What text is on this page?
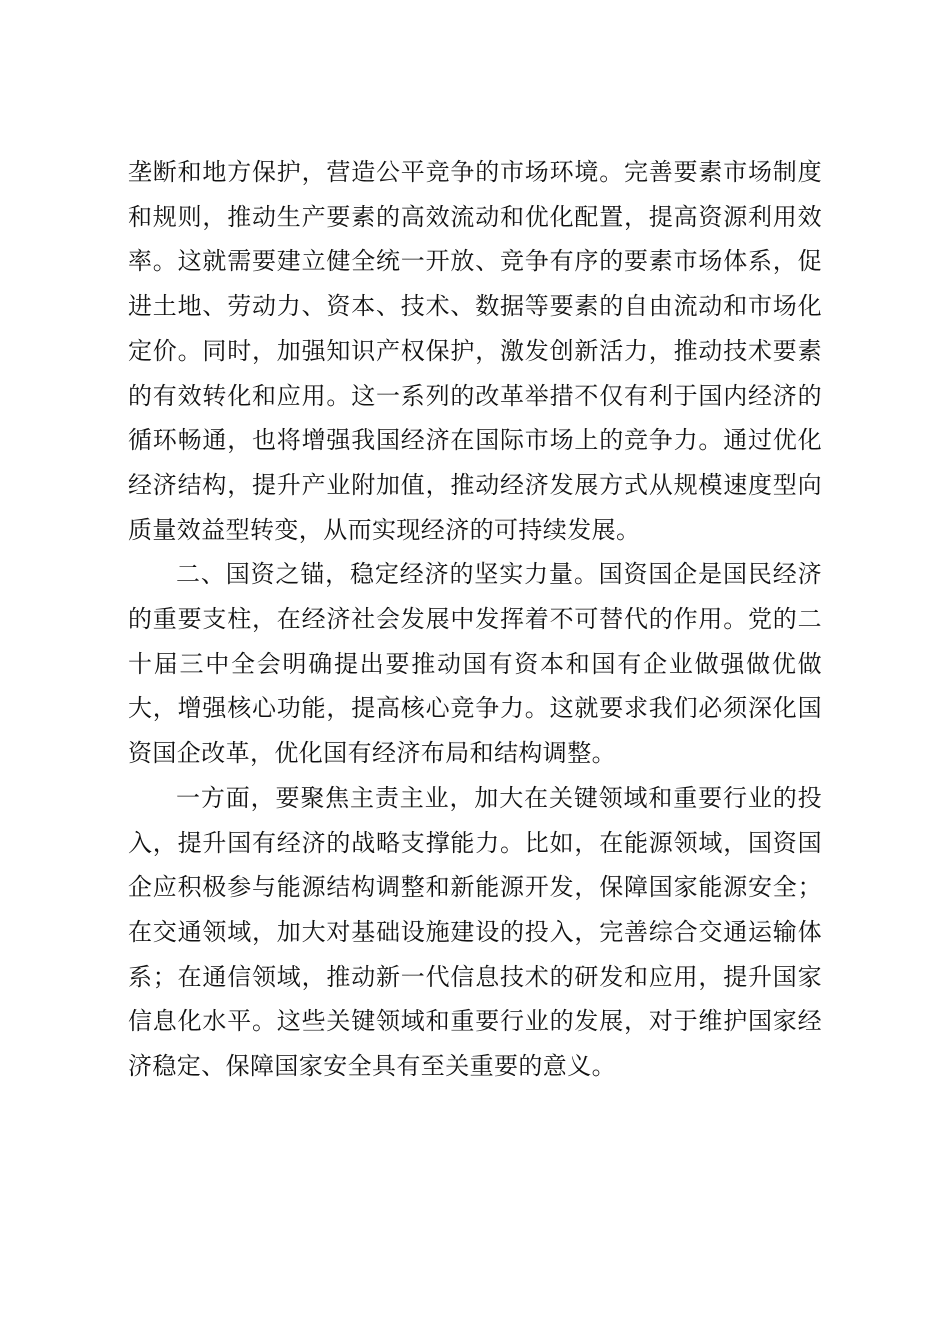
垄断和地方保护，营造公平竞争的市场环境。完善要素市场制度和规则，推动生产要素的高效流动和优化配置，提高资源利用效率。这就需要建立健全统一开放、竞争有序的要素市场体系，促进土地、劳动力、资本、技术、数据等要素的自由流动和市场化定价。同时，加强知识产权保护，激发创新活力，推动技术要素的有效转化和应用。这一系列的改革举措不仅有利于国内经济的循环畅通，也将增强我国经济在国际市场上的竞争力。通过优化经济结构，提升产业附加值，推动经济发展方式从规模速度型向质量效益型转变，从而实现经济的可持续发展。

二、国资之锚，稳定经济的坚实力量。国资国企是国民经济的重要支柱，在经济社会发展中发挥着不可替代的作用。党的二十届三中全会明确提出要推动国有资本和国有企业做强做优做大，增强核心功能，提高核心竞争力。这就要求我们必须深化国资国企改革，优化国有经济布局和结构调整。

一方面，要聚焦主责主业，加大在关键领域和重要行业的投入，提升国有经济的战略支撑能力。比如，在能源领域，国资国企应积极参与能源结构调整和新能源开发，保障国家能源安全；在交通领域，加大对基础设施建设的投入，完善综合交通运输体系；在通信领域，推动新一代信息技术的研发和应用，提升国家信息化水平。这些关键领域和重要行业的发展，对于维护国家经济稳定、保障国家安全具有至关重要的意义。
